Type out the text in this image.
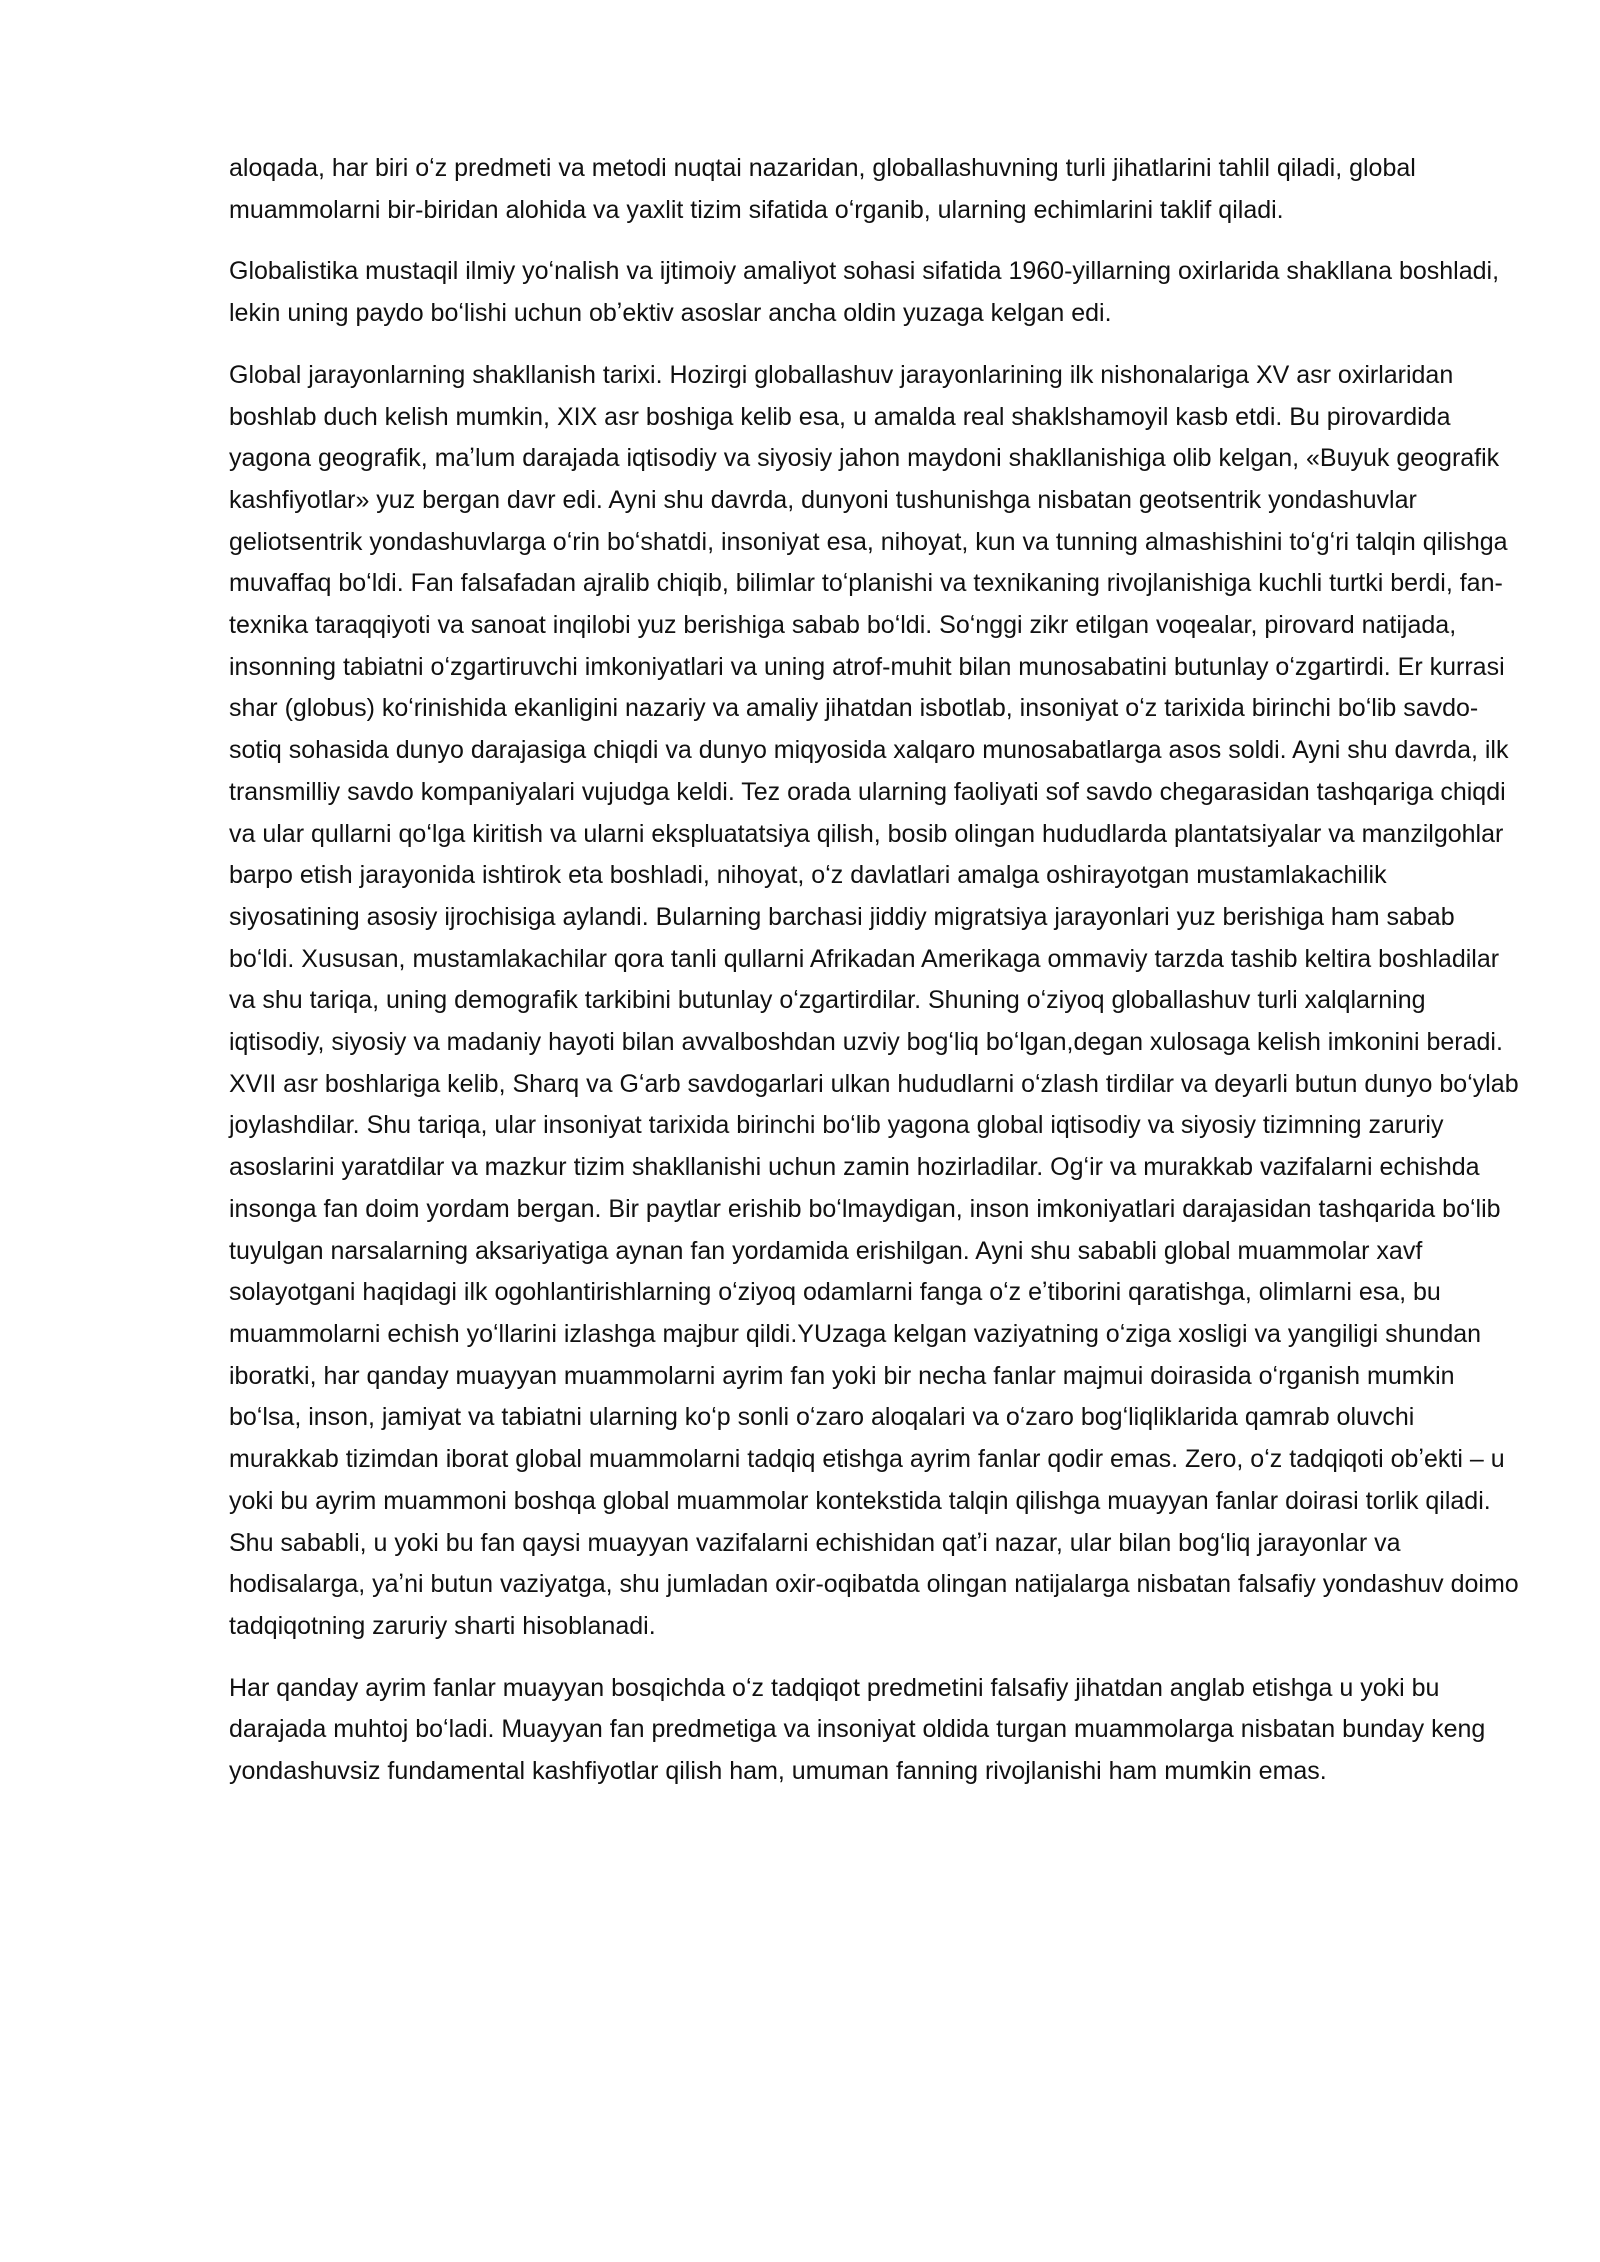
aloqada, har biri oʻz predmeti va metodi nuqtai nazaridan, globallashuvning turli jihatlarini tahlil qiladi, global muammolarni bir-biridan alohida va yaxlit tizim sifatida oʻrganib, ularning echimlarini taklif qiladi.

Globalistika mustaqil ilmiy yoʻnalish va ijtimoiy amaliyot sohasi sifatida 1960-yillarning oxirlarida shakllana boshladi, lekin uning paydo boʻlishi uchun obʼektiv asoslar ancha oldin yuzaga kelgan edi.

Global jarayonlarning shakllanish tarixi. Hozirgi globallashuv jarayonlarining ilk nishonalariga XV asr oxirlaridan boshlab duch kelish mumkin, XIX asr boshiga kelib esa, u amalda real shaklshamoyil kasb etdi. Bu pirovardida yagona geografik, maʼlum darajada iqtisodiy va siyosiy jahon maydoni shakllanishiga olib kelgan, «Buyuk geografik kashfiyotlar» yuz bergan davr edi. Ayni shu davrda, dunyoni tushunishga nisbatan geotsentrik yondashuvlar geliotsentrik yondashuvlarga oʻrin boʻshatdi, insoniyat esa, nihoyat, kun va tunning almashishini toʻgʻri talqin qilishga muvaffaq boʻldi. Fan falsafadan ajralib chiqib, bilimlar toʻplanishi va texnikaning rivojlanishiga kuchli turtki berdi, fan-texnika taraqqiyoti va sanoat inqilobi yuz berishiga sabab boʻldi. Soʻnggi zikr etilgan voqealar, pirovard natijada, insonning tabiatni oʻzgartiruvchi imkoniyatlari va uning atrof-muhit bilan munosabatini butunlay oʻzgartirdi. Er kurrasi shar (globus) koʻrinishida ekanligini nazariy va amaliy jihatdan isbotlab, insoniyat oʻz tarixida birinchi boʻlib savdo-sotiq sohasida dunyo darajasiga chiqdi va dunyo miqyosida xalqaro munosabatlarga asos soldi. Ayni shu davrda, ilk transmilliy savdo kompaniyalari vujudga keldi. Tez orada ularning faoliyati sof savdo chegarasidan tashqariga chiqdi va ular qullarni qoʻlga kiritish va ularni ekspluatatsiya qilish, bosib olingan hududlarda plantatsiyalar va manzilgohlar barpo etish jarayonida ishtirok eta boshladi, nihoyat, oʻz davlatlari amalga oshirayotgan mustamlakachilik siyosatining asosiy ijrochisiga aylandi. Bularning barchasi jiddiy migratsiya jarayonlari yuz berishiga ham sabab boʻldi. Xususan, mustamlakachilar qora tanli qullarni Afrikadan Amerikaga ommaviy tarzda tashib keltira boshladilar va shu tariqa, uning demografik tarkibini butunlay oʻzgartirdilar. Shuning oʻziyoq globallashuv turli xalqlarning iqtisodiy, siyosiy va madaniy hayoti bilan avvalboshdan uzviy bogʻliq boʻlgan,degan xulosaga kelish imkonini beradi. XVII asr boshlariga kelib, Sharq va Gʻarb savdogarlari ulkan hududlarni oʻzlash tirdilar va deyarli butun dunyo boʻylab joylashdilar. Shu tariqa, ular insoniyat tarixida birinchi boʻlib yagona global iqtisodiy va siyosiy tizimning zaruriy asoslarini yaratdilar va mazkur tizim shakllanishi uchun zamin hozirladilar. Ogʻir va murakkab vazifalarni echishda insonga fan doim yordam bergan. Bir paytlar erishib boʻlmaydigan, inson imkoniyatlari darajasidan tashqarida boʻlib tuyulgan narsalarning aksariyatiga aynan fan yordamida erishilgan. Ayni shu sababli global muammolar xavf solayotgani haqidagi ilk ogohlantirishlarning oʻziyoq odamlarni fanga oʻz eʼtiborini qaratishga, olimlarni esa, bu muammolarni echish yoʻllarini izlashga majbur qildi.YUzaga kelgan vaziyatning oʻziga xosligi va yangiligi shundan iboratki, har qanday muayyan muammolarni ayrim fan yoki bir necha fanlar majmui doirasida oʻrganish mumkin boʻlsa, inson, jamiyat va tabiatni ularning koʻp sonli oʻzaro aloqalari va oʻzaro bogʻliqliklarida qamrab oluvchi murakkab tizimdan iborat global muammolarni tadqiq etishga ayrim fanlar qodir emas. Zero, oʻz tadqiqoti obʼekti – u yoki bu ayrim muammoni boshqa global muammolar kontekstida talqin qilishga muayyan fanlar doirasi torlik qiladi. Shu sababli, u yoki bu fan qaysi muayyan vazifalarni echishidan qatʼi nazar, ular bilan bogʻliq jarayonlar va hodisalarga, yaʼni butun vaziyatga, shu jumladan oxir-oqibatda olingan natijalarga nisbatan falsafiy yondashuv doimo tadqiqotning zaruriy sharti hisoblanadi.

Har qanday ayrim fanlar muayyan bosqichda oʻz tadqiqot predmetini falsafiy jihatdan anglab etishga u yoki bu darajada muhtoj boʻladi. Muayyan fan predmetiga va insoniyat oldida turgan muammolarga nisbatan bunday keng yondashuvsiz fundamental kashfiyotlar qilish ham, umuman fanning rivojlanishi ham mumkin emas.
